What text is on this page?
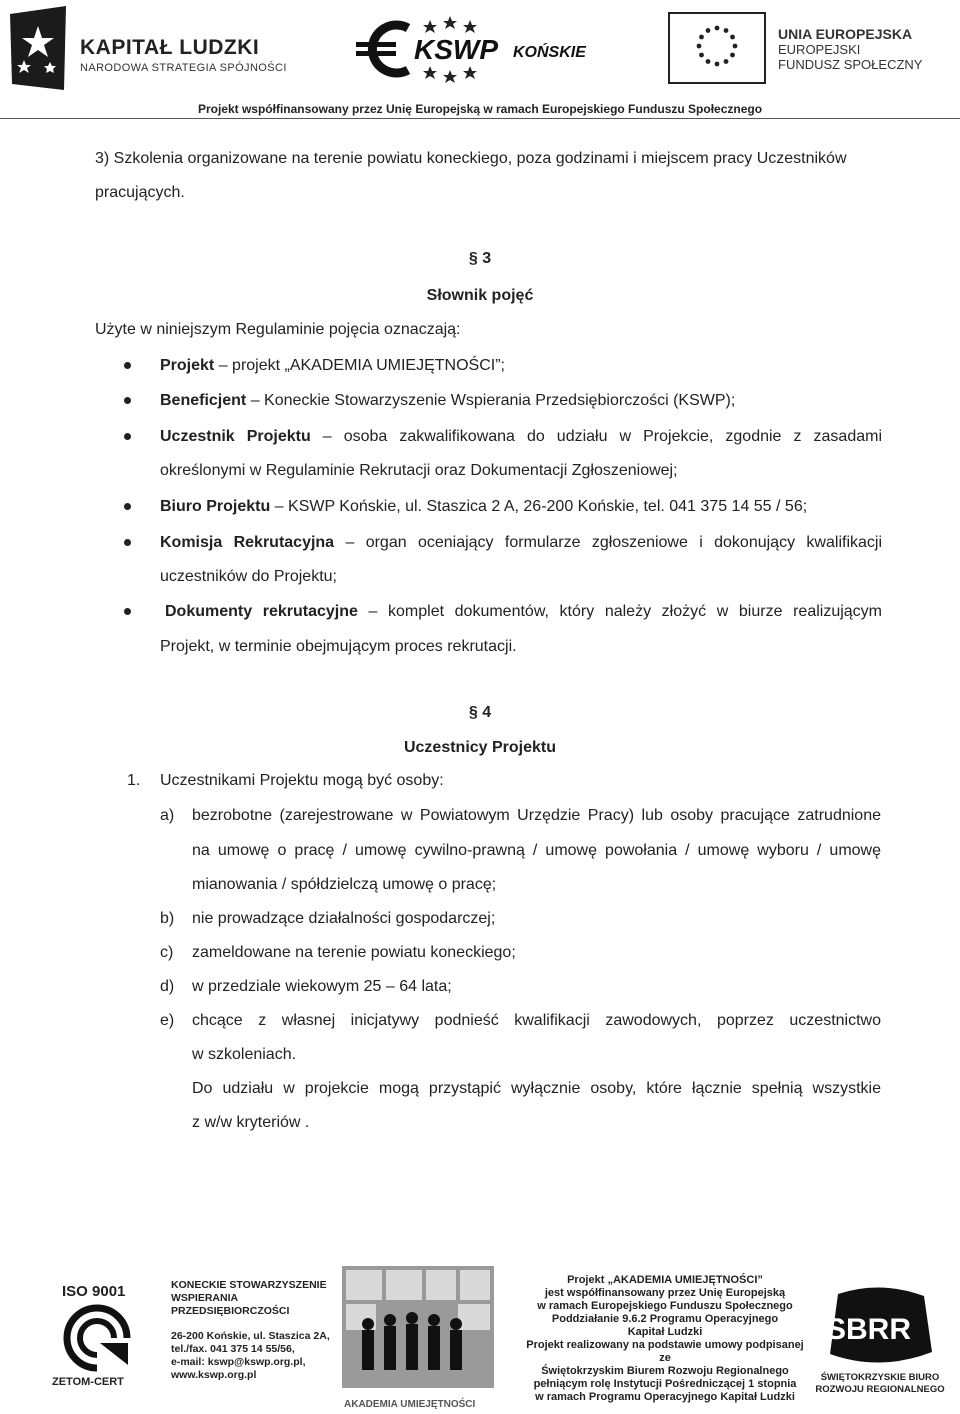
KAPITAŁ LUDZKI
NARODOWA STRATEGIA SPÓJNOŚCI
KSWP KOŃSKIE
UNIA EUROPEJSKA
EUROPEJSKI
FUNDUSZ SPOŁECZNY
Projekt współfinansowany przez Unię Europejską w ramach Europejskiego Funduszu Społecznego
3) Szkolenia organizowane na terenie powiatu koneckiego, poza godzinami i miejscem pracy Uczestników
pracujących.
§ 3
Słownik pojęć
Użyte w niniejszym Regulaminie pojęcia oznaczają:
Projekt – projekt „AKADEMIA UMIEJĘTNOŚCI”;
Beneficjent – Koneckie Stowarzyszenie Wspierania Przedsiębiorczości (KSWP);
Uczestnik Projektu – osoba zakwalifikowana do udziału w Projekcie, zgodnie z zasadami
określonymi w Regulaminie Rekrutacji oraz Dokumentacji Zgłoszeniowej;
Biuro Projektu – KSWP Końskie, ul. Staszica 2 A, 26-200 Końskie, tel. 041 375 14 55 / 56;
Komisja Rekrutacyjna – organ oceniający formularze zgłoszeniowe i dokonujący kwalifikacji
uczestników do Projektu;
Dokumenty rekrutacyjne – komplet dokumentów, który należy złożyć w biurze realizującym
Projekt, w terminie obejmującym proces rekrutacji.
§ 4
Uczestnicy Projektu
1. Uczestnikami Projektu mogą być osoby:
a) bezrobotne (zarejestrowane w Powiatowym Urzędzie Pracy) lub osoby pracujące zatrudnione
na umowę o pracę / umowę cywilno-prawną / umowę powołania / umowę wyboru / umowę
mianowania / spółdzielczą umowę o pracę;
b) nie prowadzące działalności gospodarczej;
c) zameldowane na terenie powiatu koneckiego;
d) w przedziale wiekowym 25 – 64 lata;
e) chcące z własnej inicjatywy podnieść kwalifikacji zawodowych, poprzez uczestnictwo
w szkoleniach.
Do udziału w projekcie mogą przystąpić wyłącznie osoby, które łącznie spełnią wszystkie
z w/w kryteriów .
ISO 9001
ZETOM-CERT
KONECKIE STOWARZYSZENIE
WSPIERANIA
PRZEDSIĘBIORCZOŚCI
26-200 Końskie, ul. Staszica 2A,
tel./fax. 041 375 14 55/56,
e-mail: kswp@kswp.org.pl,
www.kswp.org.pl
AKADEMIA UMIEJĘTNOŚCI
Projekt „AKADEMIA UMIEJĘTNOŚCI”
jest współfinansowany przez Unię Europejską
w ramach Europejskiego Funduszu Społecznego
Poddziałanie 9.6.2 Programu Operacyjnego
Kapitał Ludzki
Projekt realizowany na podstawie umowy podpisanej ze
Świętokrzyskim Biurem Rozwoju Regionalnego
pełniącym rolę Instytucji Pośredniczącej 1 stopnia
w ramach Programu Operacyjnego Kapitał Ludzki
SBRR
ŚWIĘTOKRZYSKIE BIURO
ROZWOJU REGIONALNEGO
